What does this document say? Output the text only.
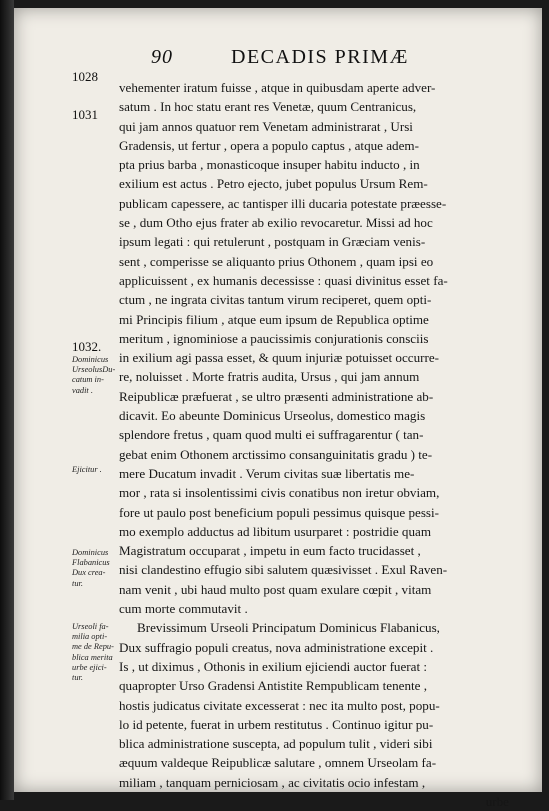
90	DECADIS PRIMÆ
1028
1031
1032.
Dominicus
UrseolusDu-
catum in-
vadit .
Ejicitur .
Dominicus
Flabanicus
Dux crea-
tur.
Urseoli fa-
milia opti-
me de Repu-
blica merita
urbe ejici-
tur.
vehementer iratum fuisse , atque in quibusdam aperte adver-
satum . In hoc statu erant res Venetæ, quum Centranicus,
qui jam annos quatuor rem Venetam administrarat , Ursi
Gradensis, ut fertur , opera a populo captus , atque adem-
pta prius barba , monasticoque insuper habitu inducto , in
exilium est actus . Petro ejecto, jubet populus Ursum Rem-
publicam capessere, ac tantisper illi ducaria potestate præesse-
se , dum Otho ejus frater ab exilio revocaretur. Missi ad hoc
ipsum legati : qui retulerunt , postquam in Græciam venis-
sent , comperisse se aliquanto prius Othonem , quam ipsi eo
applicuissent , ex humanis decessisse : quasi divinitus esset fa-
ctum , ne ingrata civitas tantum virum reciperet, quem opti-
mi Principis filium , atque eum ipsum de Republica optime
meritum , ignominiose a paucissimis conjurationis consciis
in exilium agi passa esset, & quum injuriæ potuisset occurre-
re, noluisset . Morte fratris audita, Ursus , qui jam annum
Reipublicæ præfuerat , se ultro præsenti administratione ab-
dicavit. Eo abeunte Dominicus Urseolus, domestico magis
splendore fretus , quam quod multi ei suffragarentur ( tan-
gebat enim Othonem arctissimo consanguinitatis gradu ) te-
mere Ducatum invadit . Verum civitas suæ libertatis me-
mor , rata si insolentissimi civis conatibus non iretur obviam,
fore ut paulo post beneficium populi pessimus quisque pessi-
mo exemplo adductus ad libitum usurparet : postridie quam
Magistratum occuparat , impetu in eum facto trucidasset ,
nisi clandestino effugio sibi salutem quæsivisset . Exul Raven-
nam venit , ubi haud multo post quam exulare cœpit , vitam
cum morte commutavit .
Brevissimum Urseoli Principatum Dominicus Flabanicus,
Dux suffragio populi creatus, nova administratione excepit .
Is , ut diximus , Othonis in exilium ejiciendi auctor fuerat :
quapropter Urso Gradensi Antistite Rempublicam tenente ,
hostis judicatus civitate excesserat : nec ita multo post, popu-
lo id petente, fuerat in urbem restitutus . Continuo igitur pu-
blica administratione suscepta, ad populum tulit , videri sibi
æquum valdeque Reipublicæ salutare , omnem Urseolam fa-
miliam , tanquam perniciosam , ac civitatis ocio infestam ,
urbe
